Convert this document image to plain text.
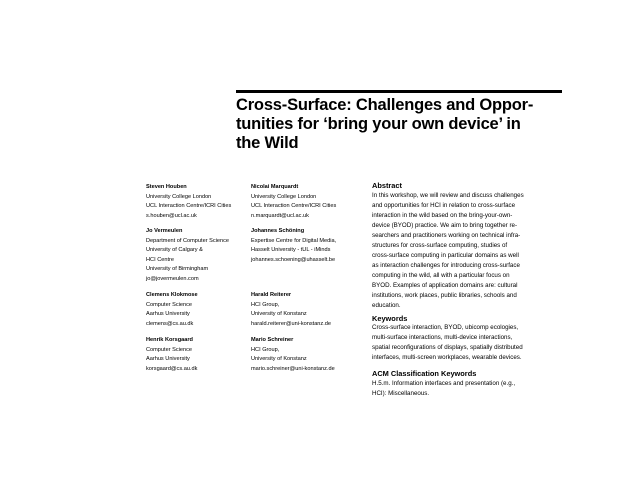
Cross-Surface: Challenges and Oppor-
tunities for ‘bring your own device’ in
the Wild
Steven Houben
University College London
UCL Interaction Centre/ICRI Cities
s.houben@ucl.ac.uk
Nicolai Marquardt
University College London
UCL Interaction Centre/ICRI Cities
n.marquardt@ucl.ac.uk
Jo Vermeulen
Department of Computer Science
University of Calgary &
HCI Centre
University of Birmingham
jo@jovermeulen.com
Johannes Schöning
Expertise Centre for Digital Media,
Hasselt University - tUL - iMinds
johannes.schoening@uhasselt.be
Clemens Klokmose
Computer Science
Aarhus University
clemens@cs.au.dk
Harald Reiterer
HCI Group,
University of Konstanz
harald.reiterer@uni-konstanz.de
Henrik Korsgaard
Computer Science
Aarhus University
korsgaard@cs.au.dk
Mario Schreiner
HCI Group,
University of Konstanz
mario.schreiner@uni-konstanz.de
Abstract
In this workshop, we will review and discuss challenges
and opportunities for HCI in relation to cross-surface
interaction in the wild based on the bring-your-own-
device (BYOD) practice. We aim to bring together re-
searchers and practitioners working on technical infra-
structures for cross-surface computing, studies of
cross-surface computing in particular domains as well
as interaction challenges for introducing cross-surface
computing in the wild, all with a particular focus on
BYOD. Examples of application domains are: cultural
institutions, work places, public libraries, schools and
education.
Keywords
Cross-surface interaction, BYOD, ubicomp ecologies,
multi-surface interactions, multi-device interactions,
spatial reconfigurations of displays, spatially distributed
interfaces, multi-screen workplaces, wearable devices.
ACM Classification Keywords
H.5.m. Information interfaces and presentation (e.g.,
HCI): Miscellaneous.
